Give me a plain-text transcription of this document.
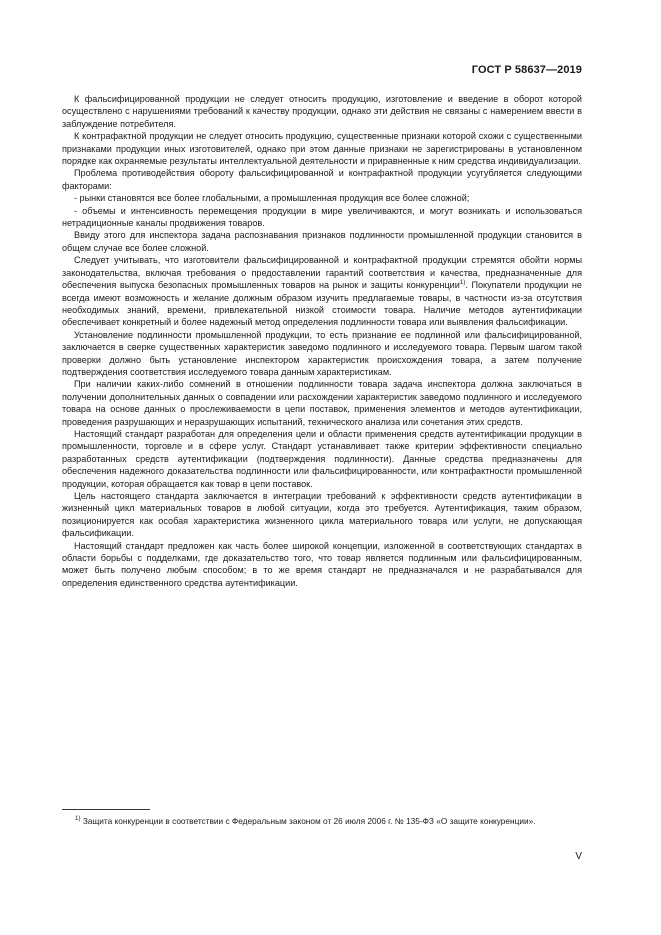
ГОСТ Р 58637—2019

К фальсифицированной продукции не следует относить продукцию, изготовление и введение в оборот которой осуществлено с нарушениями требований к качеству продукции, однако эти действия не связаны с намерением ввести в заблуждение потребителя.

К контрафактной продукции не следует относить продукцию, существенные признаки которой схожи с существенными признаками продукции иных изготовителей, однако при этом данные признаки не зарегистрированы в установленном порядке как охраняемые результаты интеллектуальной деятельности и приравненные к ним средства индивидуализации.

Проблема противодействия обороту фальсифицированной и контрафактной продукции усугубляется следующими факторами:

- рынки становятся все более глобальными, а промышленная продукция все более сложной;

- объемы и интенсивность перемещения продукции в мире увеличиваются, и могут возникать и использоваться нетрадиционные каналы продвижения товаров.

Ввиду этого для инспектора задача распознавания признаков подлинности промышленной продукции становится в общем случае все более сложной.

Следует учитывать, что изготовители фальсифицированной и контрафактной продукции стремятся обойти нормы законодательства, включая требования о предоставлении гарантий соответствия и качества, предназначенные для обеспечения выпуска безопасных промышленных товаров на рынок и защиты конкуренции$^{1)}$. Покупатели продукции не всегда имеют возможность и желание должным образом изучить предлагаемые товары, в частности из-за отсутствия необходимых знаний, времени, привлекательной низкой стоимости товара. Наличие методов аутентификации обеспечивает конкретный и более надежный метод определения подлинности товара или выявления фальсификации.

Установление подлинности промышленной продукции, то есть признание ее подлинной или фальсифицированной, заключается в сверке существенных характеристик заведомо подлинного и исследуемого товара. Первым шагом такой проверки должно быть установление инспектором характеристик происхождения товара, а затем получение подтверждения соответствия исследуемого товара данным характеристикам.

При наличии каких-либо сомнений в отношении подлинности товара задача инспектора должна заключаться в получении дополнительных данных о совпадении или расхождении характеристик заведомо подлинного и исследуемого товара на основе данных о прослеживаемости в цепи поставок, применения элементов и методов аутентификации, проведения разрушающих и неразрушающих испытаний, технического анализа или сочетания этих средств.

Настоящий стандарт разработан для определения цели и области применения средств аутентификации продукции в промышленности, торговле и в сфере услуг. Стандарт устанавливает также критерии эффективности специально разработанных средств аутентификации (подтверждения подлинности). Данные средства предназначены для обеспечения надежного доказательства подлинности или фальсифицированности, или контрафактности промышленной продукции, которая обращается как товар в цепи поставок.

Цель настоящего стандарта заключается в интеграции требований к эффективности средств аутентификации в жизненный цикл материальных товаров в любой ситуации, когда это требуется. Аутентификация, таким образом, позиционируется как особая характеристика жизненного цикла материального товара или услуги, не допускающая фальсификации.

Настоящий стандарт предложен как часть более широкой концепции, изложенной в соответствующих стандартах в области борьбы с подделками, где доказательство того, что товар является подлинным или фальсифицированным, может быть получено любым способом; в то же время стандарт не предназначался и не разрабатывался для определения единственного средства аутентификации.

$^{1)}$ Защита конкуренции в соответствии с Федеральным законом от 26 июля 2006 г. № 135-ФЗ «О защите конкуренции».

V
